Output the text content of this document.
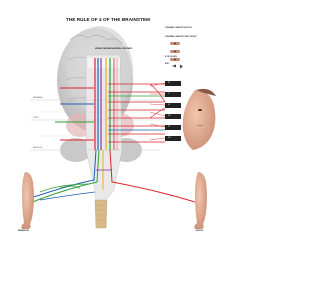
THE RULE OF 4 OF THE BRAINSTEM
MEDIAL PATHWAYS LATERAL PATHWAYS
MIDBRAIN
PONS
MEDULLA
CRANIAL NERVE NUCLEI
CRANIAL NERVE FUNCTIONS
EYE SIGNS
KEY
III
V
VI
VII
IX
XII
SENSATION	MOTOR
